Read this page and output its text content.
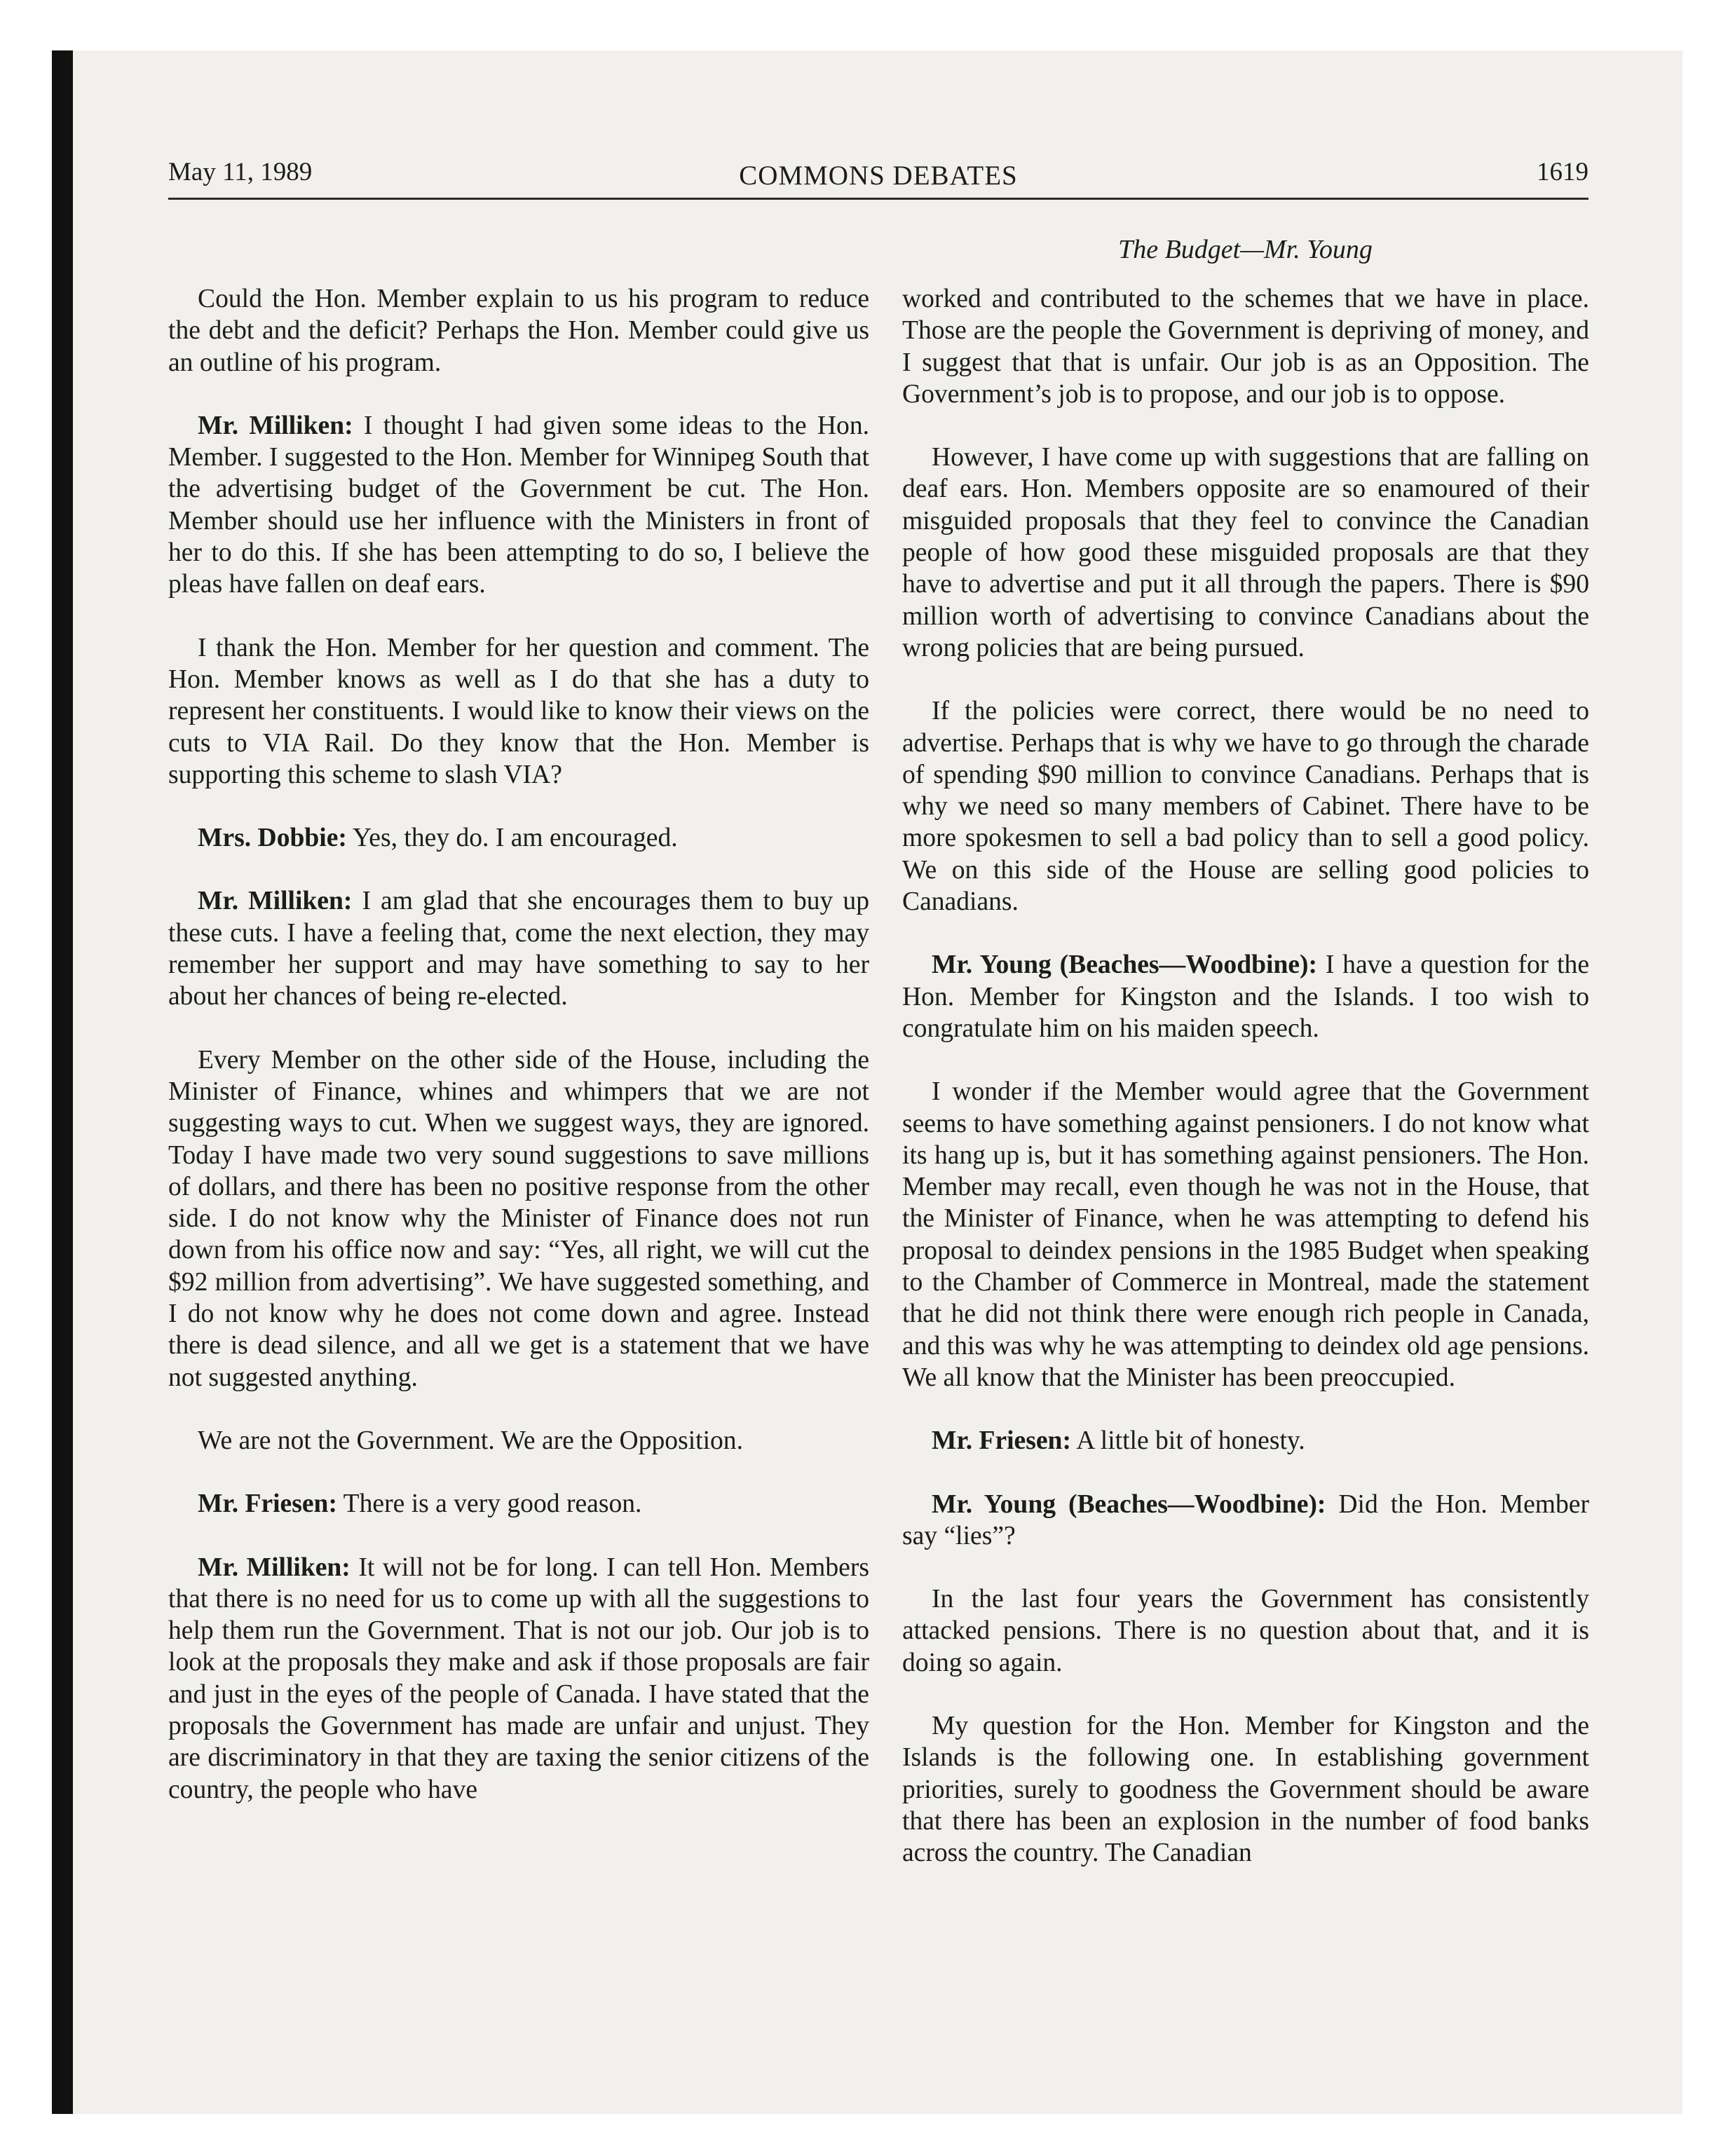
May 11, 1989	COMMONS DEBATES	1619
The Budget—Mr. Young

Could the Hon. Member explain to us his program to reduce the debt and the deficit? Perhaps the Hon. Member could give us an outline of his program.

Mr. Milliken: I thought I had given some ideas to the Hon. Member. I suggested to the Hon. Member for Winnipeg South that the advertising budget of the Government be cut. The Hon. Member should use her influence with the Ministers in front of her to do this. If she has been attempting to do so, I believe the pleas have fallen on deaf ears.

I thank the Hon. Member for her question and comment. The Hon. Member knows as well as I do that she has a duty to represent her constituents. I would like to know their views on the cuts to VIA Rail. Do they know that the Hon. Member is supporting this scheme to slash VIA?

Mrs. Dobbie: Yes, they do. I am encouraged.

Mr. Milliken: I am glad that she encourages them to buy up these cuts. I have a feeling that, come the next election, they may remember her support and may have something to say to her about her chances of being re-elected.

Every Member on the other side of the House, including the Minister of Finance, whines and whimpers that we are not suggesting ways to cut. When we suggest ways, they are ignored. Today I have made two very sound suggestions to save millions of dollars, and there has been no positive response from the other side. I do not know why the Minister of Finance does not run down from his office now and say: “Yes, all right, we will cut the $92 million from advertising”. We have suggested something, and I do not know why he does not come down and agree. Instead there is dead silence, and all we get is a statement that we have not suggested anything.

We are not the Government. We are the Opposition.

Mr. Friesen: There is a very good reason.

Mr. Milliken: It will not be for long. I can tell Hon. Members that there is no need for us to come up with all the suggestions to help them run the Government. That is not our job. Our job is to look at the proposals they make and ask if those proposals are fair and just in the eyes of the people of Canada. I have stated that the proposals the Government has made are unfair and unjust. They are discriminatory in that they are taxing the senior citizens of the country, the people who have

worked and contributed to the schemes that we have in place. Those are the people the Government is depriving of money, and I suggest that that is unfair. Our job is as an Opposition. The Government’s job is to propose, and our job is to oppose.

However, I have come up with suggestions that are falling on deaf ears. Hon. Members opposite are so enamoured of their misguided proposals that they feel to convince the Canadian people of how good these misguided proposals are that they have to advertise and put it all through the papers. There is $90 million worth of advertising to convince Canadians about the wrong policies that are being pursued.

If the policies were correct, there would be no need to advertise. Perhaps that is why we have to go through the charade of spending $90 million to convince Canadians. Perhaps that is why we need so many members of Cabinet. There have to be more spokesmen to sell a bad policy than to sell a good policy. We on this side of the House are selling good policies to Canadians.

Mr. Young (Beaches—Woodbine): I have a question for the Hon. Member for Kingston and the Islands. I too wish to congratulate him on his maiden speech.

I wonder if the Member would agree that the Government seems to have something against pensioners. I do not know what its hang up is, but it has something against pensioners. The Hon. Member may recall, even though he was not in the House, that the Minister of Finance, when he was attempting to defend his proposal to deindex pensions in the 1985 Budget when speaking to the Chamber of Commerce in Montreal, made the statement that he did not think there were enough rich people in Canada, and this was why he was attempting to deindex old age pensions. We all know that the Minister has been preoccupied.

Mr. Friesen: A little bit of honesty.

Mr. Young (Beaches—Woodbine): Did the Hon. Member say “lies”?

In the last four years the Government has consistently attacked pensions. There is no question about that, and it is doing so again.

My question for the Hon. Member for Kingston and the Islands is the following one. In establishing government priorities, surely to goodness the Government should be aware that there has been an explosion in the number of food banks across the country. The Canadian
